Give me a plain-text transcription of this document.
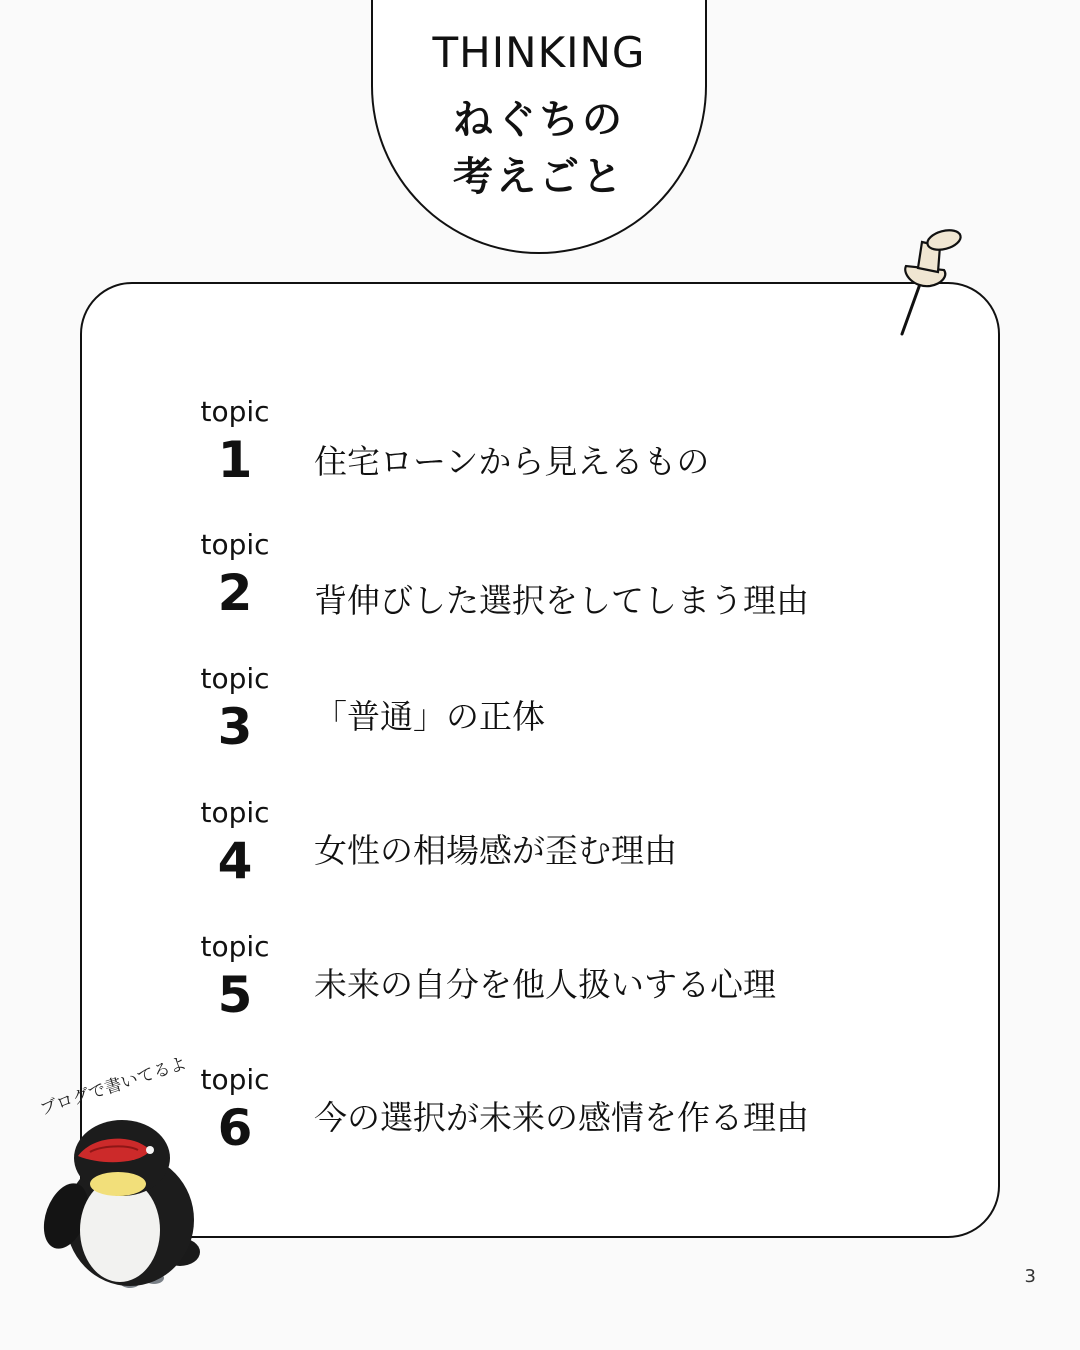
THINKING
ねぐちの
考えごと
topic
1	住宅ローンから見えるもの
topic
2	背伸びした選択をしてしまう理由
topic
3	「普通」の正体
topic
4	女性の相場感が歪む理由
topic
5	未来の自分を他人扱いする心理
topic
6	今の選択が未来の感情を作る理由
ブログで書いてるよ
3
